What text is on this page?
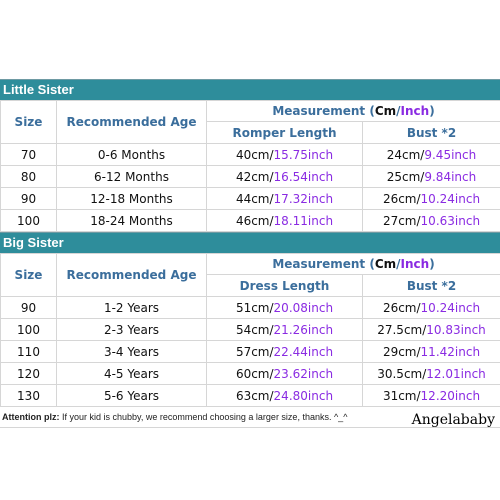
Little Sister
Size	Recommended Age	Measurement (Cm/Inch)	
		Romper Length	Bust *2
70	0-6 Months	40cm/15.75inch	24cm/9.45inch
80	6-12 Months	42cm/16.54inch	25cm/9.84inch
90	12-18 Months	44cm/17.32inch	26cm/10.24inch
100	18-24 Months	46cm/18.11inch	27cm/10.63inch
Big Sister
Size	Recommended Age	Measurement (Cm/Inch)	
		Dress Length	Bust *2
90	1-2 Years	51cm/20.08inch	26cm/10.24inch
100	2-3 Years	54cm/21.26inch	27.5cm/10.83inch
110	3-4 Years	57cm/22.44inch	29cm/11.42inch
120	4-5 Years	60cm/23.62inch	30.5cm/12.01inch
130	5-6 Years	63cm/24.80inch	31cm/12.20inch
Attention plz: If your kid is chubby, we recommend choosing a larger size, thanks. ^_^	Angelababy
